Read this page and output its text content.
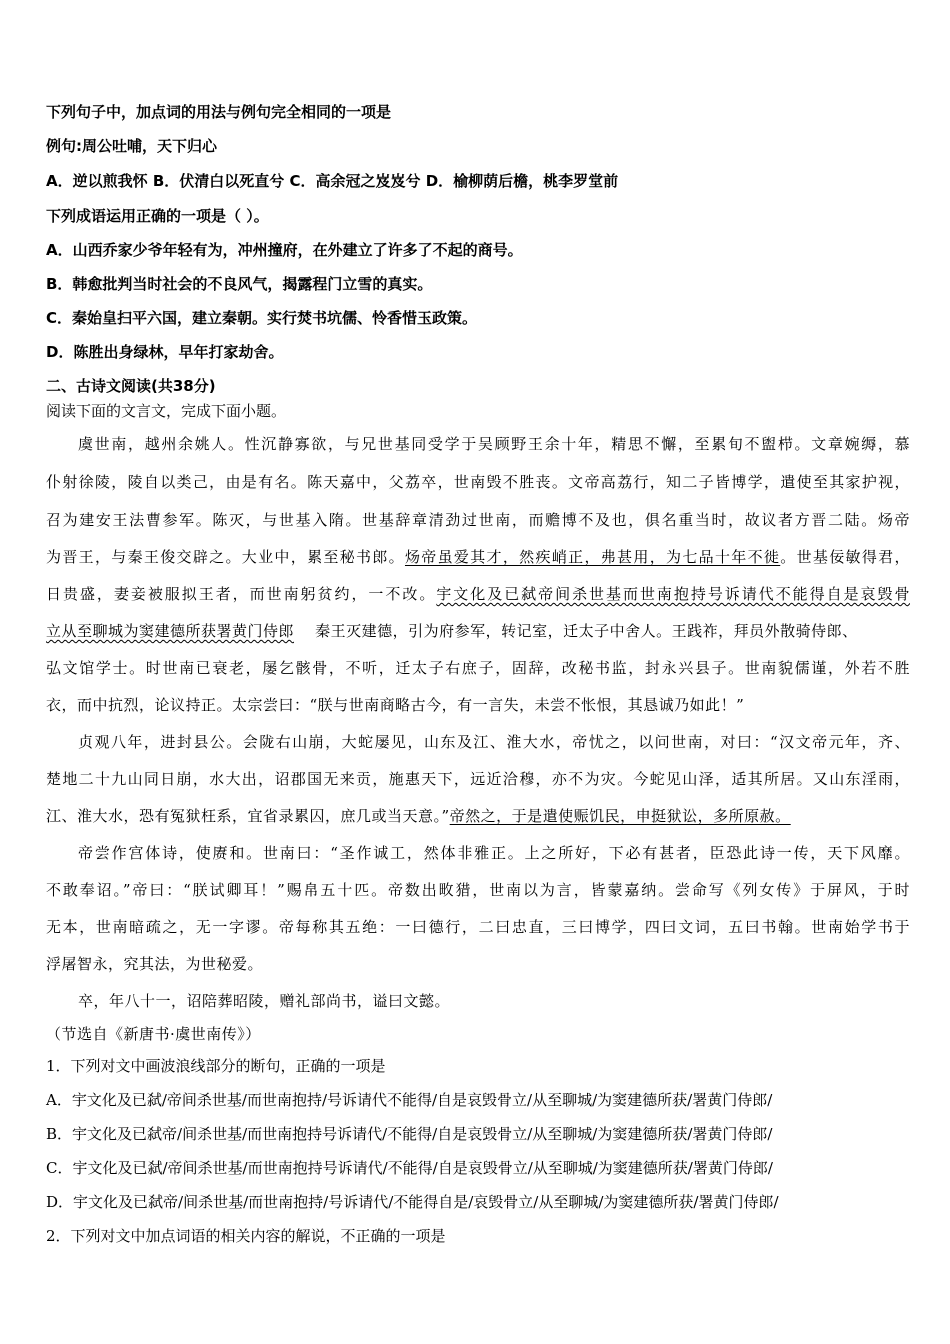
下列句子中，加点词的用法与例句完全相同的一项是
例句:周公吐哺，天下归心
A．逆以煎我怀 B．伏清白以死直兮 C．高余冠之岌岌兮 D．榆柳荫后檐，桃李罗堂前
下列成语运用正确的一项是（ ）。
A．山西乔家少爷年轻有为，冲州撞府，在外建立了许多了不起的商号。
B．韩愈批判当时社会的不良风气，揭露程门立雪的真实。
C．秦始皇扫平六国，建立秦朝。实行焚书坑儒、怜香惜玉政策。
D．陈胜出身绿林，早年打家劫舍。
二、古诗文阅读(共38分)
阅读下面的文言文，完成下面小题。
虞世南，越州余姚人。性沉静寡欲，与兄世基同受学于吴顾野王余十年，精思不懈，至累旬不盥栉。文章婉缛，慕
仆射徐陵，陵自以类己，由是有名。陈天嘉中，父荔卒，世南毁不胜丧。文帝高荔行，知二子皆博学，遣使至其家护视，
召为建安王法曹参军。陈灭，与世基入隋。世基辞章清劲过世南，而赡博不及也，俱名重当时，故议者方晋二陆。炀帝
为晋王，与秦王俊交辟之。大业中，累至秘书郎。炀帝虽爱其才，然疾峭正，弗甚用，为七品十年不徙。世基佞敏得君，
日贵盛，妻妾被服拟王者，而世南躬贫约，一不改。宇文化及已弑帝间杀世基而世南抱持号诉请代不能得自是哀毁骨
立从至聊城为窦建德所获署黄门侍郎 秦王灭建德，引为府参军，转记室，迁太子中舍人。王践祚，拜员外散骑侍郎、
弘文馆学士。时世南已衰老，屡乞骸骨，不听，迁太子右庶子，固辞，改秘书监，封永兴县子。世南貌儒谨，外若不胜
衣，而中抗烈，论议持正。太宗尝曰：“朕与世南商略古今，有一言失，未尝不怅恨，其恳诚乃如此！”
贞观八年，进封县公。会陇右山崩，大蛇屡见，山东及江、淮大水，帝忧之，以问世南，对曰：“汉文帝元年，齐、
楚地二十九山同日崩，水大出，诏郡国无来贡，施惠天下，远近洽穆，亦不为灾。今蛇见山泽，适其所居。又山东淫雨，
江、淮大水，恐有冤狱枉系，宜省录累囚，庶几或当天意。”帝然之，于是遣使赈饥民，申挺狱讼，多所原赦。
帝尝作宫体诗，使赓和。世南曰：“圣作诚工，然体非雅正。上之所好，下必有甚者，臣恐此诗一传，天下风靡。
不敢奉诏。”帝曰：“朕试卿耳！”赐帛五十匹。帝数出畋猎，世南以为言，皆蒙嘉纳。尝命写《列女传》于屏风，于时
无本，世南暗疏之，无一字谬。帝每称其五绝：一曰德行，二曰忠直，三曰博学，四曰文词，五曰书翰。世南始学书于
浮屠智永，究其法，为世秘爱。
卒，年八十一，诏陪葬昭陵，赠礼部尚书，谥曰文懿。
（节选自《新唐书·虞世南传》）
1．下列对文中画波浪线部分的断句，正确的一项是
A．宇文化及已弑/帝间杀世基/而世南抱持/号诉请代不能得/自是哀毁骨立/从至聊城/为窦建德所获/署黄门侍郎/
B．宇文化及已弑帝/间杀世基/而世南抱持号诉请代/不能得/自是哀毁骨立/从至聊城/为窦建德所获/署黄门侍郎/
C．宇文化及已弑/帝间杀世基/而世南抱持号诉请代/不能得/自是哀毁骨立/从至聊城/为窦建德所获/署黄门侍郎/
D．宇文化及已弑帝/间杀世基/而世南抱持/号诉请代/不能得自是/哀毁骨立/从至聊城/为窦建德所获/署黄门侍郎/
2．下列对文中加点词语的相关内容的解说，不正确的一项是
